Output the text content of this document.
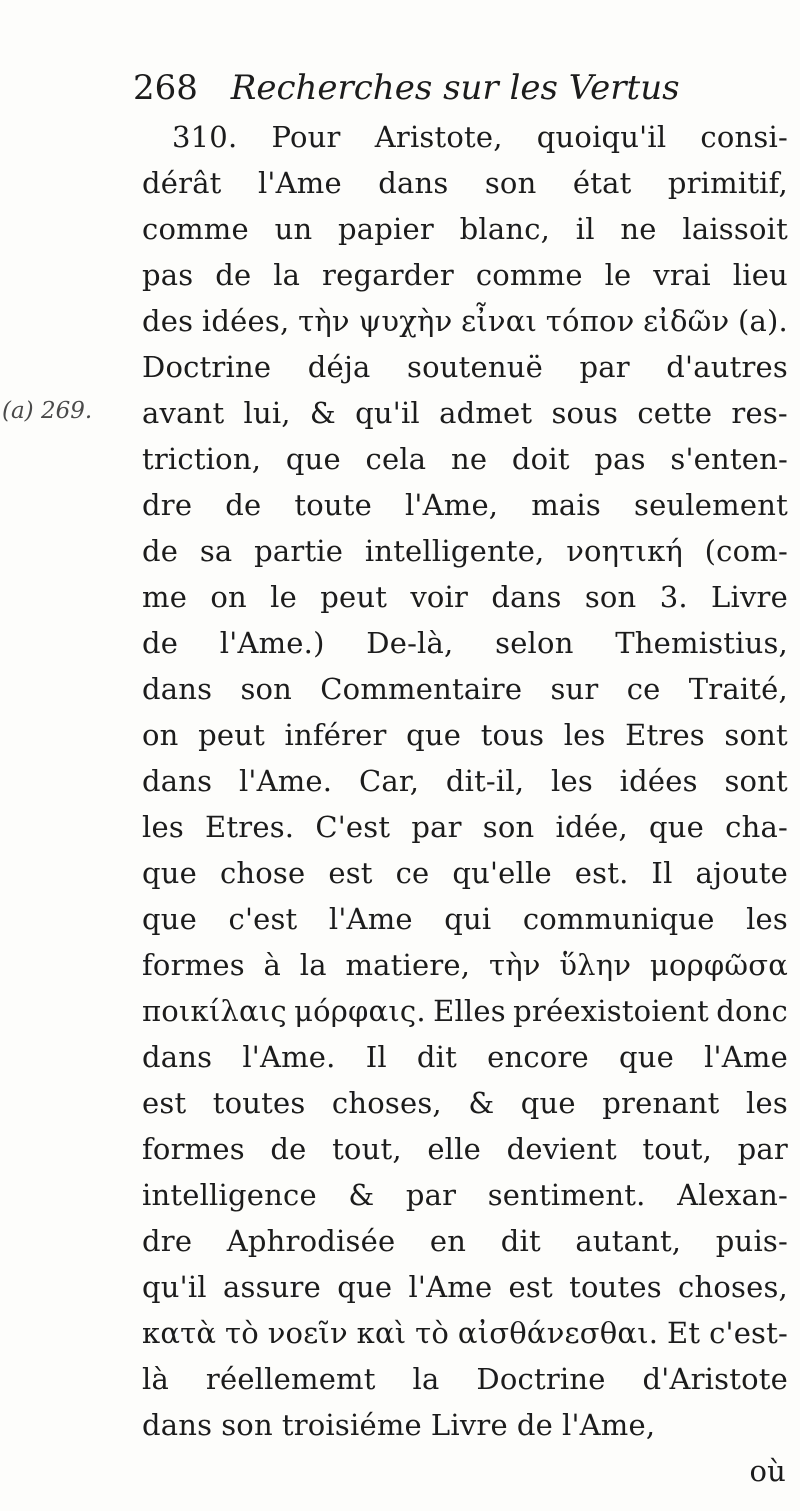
268 Recherches sur les Vertus
(a) 269.
310. Pour Aristote, quoiqu'il consi-
dérât l'Ame dans son état primitif,
comme un papier blanc, il ne laissoit
pas de la regarder comme le vrai lieu
des idées, τὴν ψυχὴν εἶναι τόπον εἰδῶν (a).
Doctrine déja soutenuë par d'autres
avant lui, & qu'il admet sous cette res-
triction, que cela ne doit pas s'enten-
dre de toute l'Ame, mais seulement
de sa partie intelligente, νοητική (com-
me on le peut voir dans son 3. Livre
de l'Ame.) De-là, selon Themistius,
dans son Commentaire sur ce Traité,
on peut inférer que tous les Etres sont
dans l'Ame. Car, dit-il, les idées sont
les Etres. C'est par son idée, que cha-
que chose est ce qu'elle est. Il ajoute
que c'est l'Ame qui communique les
formes à la matiere, τὴν ὕλην μορφῶσα
ποικίλαις μόρφαις. Elles préexistoient donc
dans l'Ame. Il dit encore que l'Ame
est toutes choses, & que prenant les
formes de tout, elle devient tout, par
intelligence & par sentiment. Alexan-
dre Aphrodisée en dit autant, puis-
qu'il assure que l'Ame est toutes choses,
κατὰ τὸ νοεῖν καὶ τὸ αἰσθάνεσθαι. Et c'est-
là réellememt la Doctrine d'Aristote
dans son troisiéme Livre de l'Ame,
où
